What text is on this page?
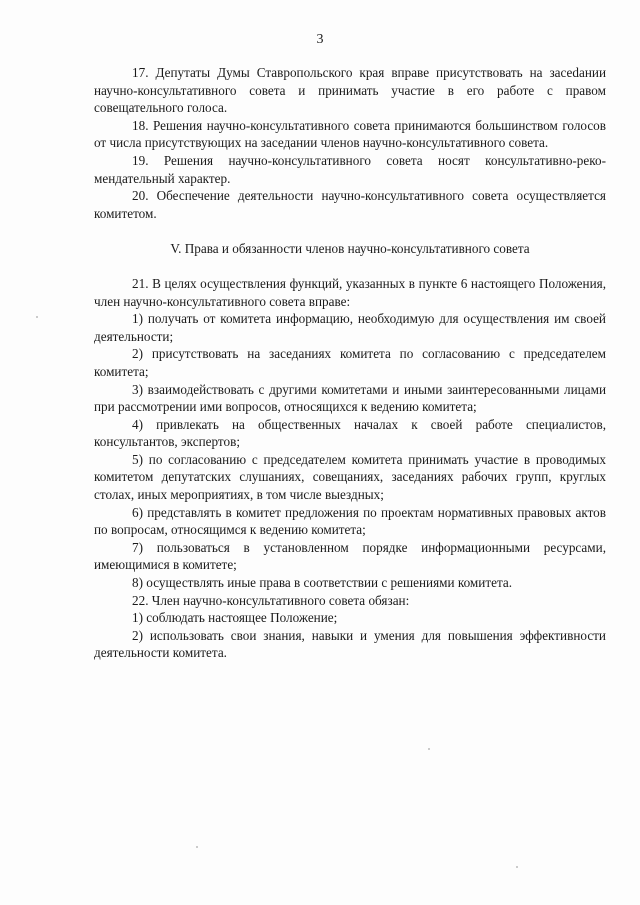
3

17. Депутаты Думы Ставропольского края вправе присутствовать на засеdании научно-консультативного совета и принимать участие в его работе с правом совещательного голоса.

18. Решения научно-консультативного совета принимаются большинством голосов от числа присутствующих на заседании членов научно-консультативного совета.

19. Решения научно-консультативного совета носят консультативно-рекомендательный характер.

20. Обеспечение деятельности научно-консультативного совета осуществляется комитетом.

V. Права и обязанности членов научно-консультативного совета

21. В целях осуществления функций, указанных в пункте 6 настоящего Положения, член научно-консультативного совета вправе:

1) получать от комитета информацию, необходимую для осуществления им своей деятельности;

2) присутствовать на заседаниях комитета по согласованию с председателем комитета;

3) взаимодействовать с другими комитетами и иными заинтересованными лицами при рассмотрении ими вопросов, относящихся к ведению комитета;

4) привлекать на общественных началах к своей работе специалистов, консультантов, экспертов;

5) по согласованию с председателем комитета принимать участие в проводимых комитетом депутатских слушаниях, совещаниях, заседаниях рабочих групп, круглых столах, иных мероприятиях, в том числе выездных;

6) представлять в комитет предложения по проектам нормативных правовых актов по вопросам, относящимся к ведению комитета;

7) пользоваться в установленном порядке информационными ресурсами, имеющимися в комитете;

8) осуществлять иные права в соответствии с решениями комитета.

22. Член научно-консультативного совета обязан:

1) соблюдать настоящее Положение;

2) использовать свои знания, навыки и умения для повышения эффективности деятельности комитета.
